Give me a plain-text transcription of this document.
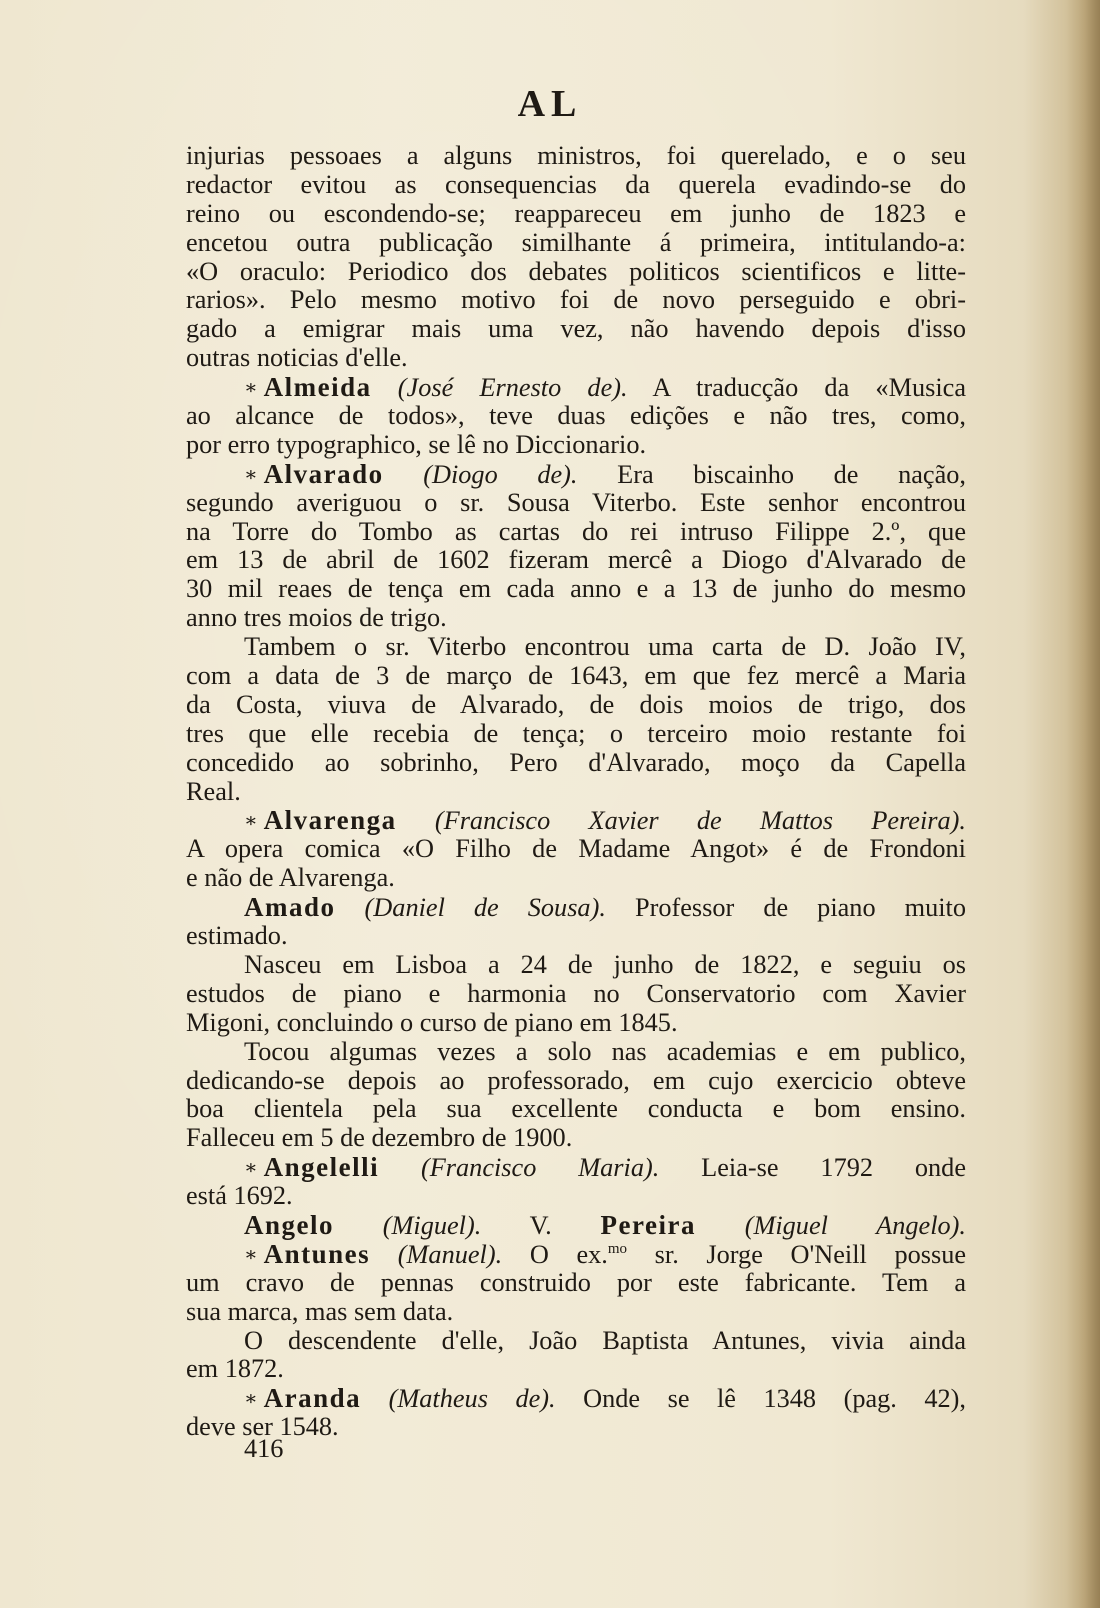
AL
injurias pessoaes a alguns ministros, foi querelado, e o seu
redactor evitou as consequencias da querela evadindo-se do
reino ou escondendo-se; reappareceu em junho de 1823 e
encetou outra publicação similhante á primeira, intitulando-a:
«O oraculo: Periodico dos debates politicos scientificos e litte-
rarios». Pelo mesmo motivo foi de novo perseguido e obri-
gado a emigrar mais uma vez, não havendo depois d'isso
outras noticias d'elle.
∗ Almeida (José Ernesto de). A traducção da «Musica
ao alcance de todos», teve duas edições e não tres, como,
por erro typographico, se lê no Diccionario.
∗ Alvarado (Diogo de). Era biscainho de nação,
segundo averiguou o sr. Sousa Viterbo. Este senhor encontrou
na Torre do Tombo as cartas do rei intruso Filippe 2.º, que
em 13 de abril de 1602 fizeram mercê a Diogo d'Alvarado de
30 mil reaes de tença em cada anno e a 13 de junho do mesmo
anno tres moios de trigo.
Tambem o sr. Viterbo encontrou uma carta de D. João IV,
com a data de 3 de março de 1643, em que fez mercê a Maria
da Costa, viuva de Alvarado, de dois moios de trigo, dos
tres que elle recebia de tença; o terceiro moio restante foi
concedido ao sobrinho, Pero d'Alvarado, moço da Capella
Real.
∗ Alvarenga (Francisco Xavier de Mattos Pereira).
A opera comica «O Filho de Madame Angot» é de Frondoni
e não de Alvarenga.
Amado (Daniel de Sousa). Professor de piano muito
estimado.
Nasceu em Lisboa a 24 de junho de 1822, e seguiu os
estudos de piano e harmonia no Conservatorio com Xavier
Migoni, concluindo o curso de piano em 1845.
Tocou algumas vezes a solo nas academias e em publico,
dedicando-se depois ao professorado, em cujo exercicio obteve
boa clientela pela sua excellente conducta e bom ensino.
Falleceu em 5 de dezembro de 1900.
∗ Angelelli (Francisco Maria). Leia-se 1792 onde
está 1692.
Angelo (Miguel). V. Pereira (Miguel Angelo).
∗ Antunes (Manuel). O ex.$^{mo}$ sr. Jorge O'Neill possue
um cravo de pennas construido por este fabricante. Tem a
sua marca, mas sem data.
O descendente d'elle, João Baptista Antunes, vivia ainda
em 1872.
∗ Aranda (Matheus de). Onde se lê 1348 (pag. 42),
deve ser 1548.
416
